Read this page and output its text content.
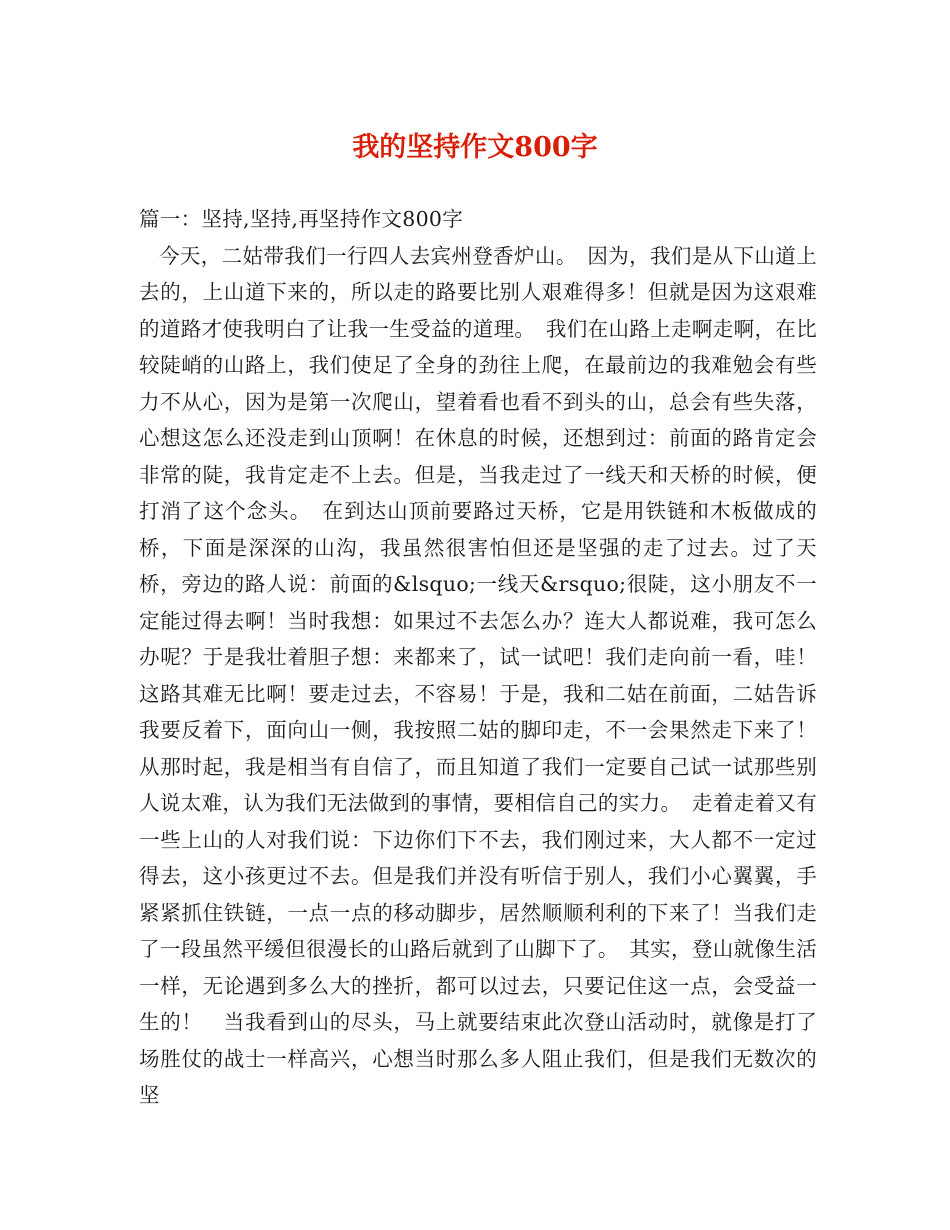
我的坚持作文800字

篇一：坚持,坚持,再坚持作文800字

今天，二姑带我们一行四人去宾州登香炉山。　因为，我们是从下山道上去的，上山道下来的，所以走的路要比别人艰难得多！但就是因为这艰难的道路才使我明白了让我一生受益的道理。　我们在山路上走啊走啊，在比较陡峭的山路上，我们使足了全身的劲往上爬，在最前边的我难勉会有些力不从心，因为是第一次爬山，望着看也看不到头的山，总会有些失落，心想这怎么还没走到山顶啊！在休息的时候，还想到过：前面的路肯定会非常的陡，我肯定走不上去。但是，当我走过了一线天和天桥的时候，便打消了这个念头。　在到达山顶前要路过天桥，它是用铁链和木板做成的桥，下面是深深的山沟，我虽然很害怕但还是坚强的走了过去。过了天桥，旁边的路人说：前面的&lsquo;一线天&rsquo;很陡，这小朋友不一定能过得去啊！当时我想：如果过不去怎么办？连大人都说难，我可怎么办呢？于是我壮着胆子想：来都来了，试一试吧！我们走向前一看，哇！这路其难无比啊！要走过去，不容易！于是，我和二姑在前面，二姑告诉我要反着下，面向山一侧，我按照二姑的脚印走，不一会果然走下来了！从那时起，我是相当有自信了，而且知道了我们一定要自己试一试那些别人说太难，认为我们无法做到的事情，要相信自己的实力。　走着走着又有一些上山的人对我们说：下边你们下不去，我们刚过来，大人都不一定过得去，这小孩更过不去。但是我们并没有听信于别人，我们小心翼翼，手紧紧抓住铁链，一点一点的移动脚步，居然顺顺利利的下来了！当我们走了一段虽然平缓但很漫长的山路后就到了山脚下了。　其实，登山就像生活一样，无论遇到多么大的挫折，都可以过去，只要记住这一点，会受益一生的！　当我看到山的尽头，马上就要结束此次登山活动时，就像是打了场胜仗的战士一样高兴，心想当时那么多人阻止我们，但是我们无数次的坚
